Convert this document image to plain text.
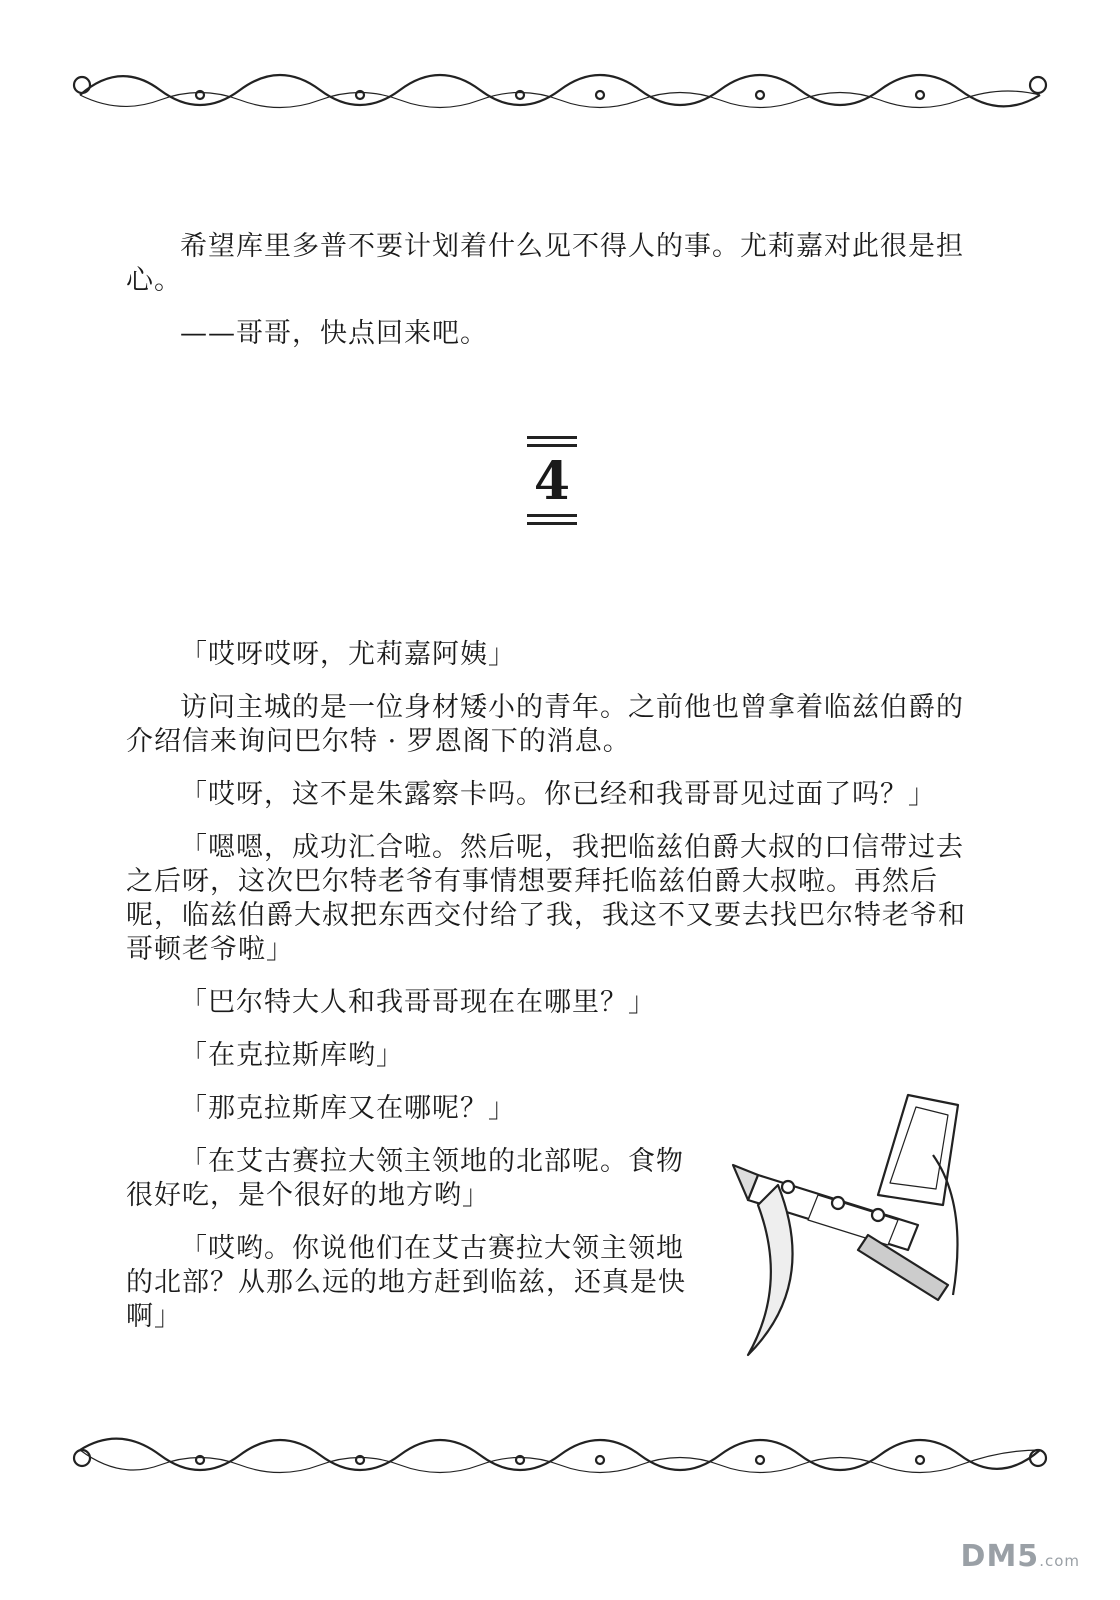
希望库里多普不要计划着什么见不得人的事。尤莉嘉对此很是担心。

——哥哥，快点回来吧。

4

「哎呀哎呀，尤莉嘉阿姨」

访问主城的是一位身材矮小的青年。之前他也曾拿着临兹伯爵的介绍信来询问巴尔特 · 罗恩阁下的消息。

「哎呀，这不是朱露察卡吗。你已经和我哥哥见过面了吗？」

「嗯嗯，成功汇合啦。然后呢，我把临兹伯爵大叔的口信带过去之后呀，这次巴尔特老爷有事情想要拜托临兹伯爵大叔啦。再然后呢，临兹伯爵大叔把东西交付给了我，我这不又要去找巴尔特老爷和哥顿老爷啦」

「巴尔特大人和我哥哥现在在哪里？」

「在克拉斯库哟」

「那克拉斯库又在哪呢？」

「在艾古赛拉大领主领地的北部呢。食物很好吃，是个很好的地方哟」

「哎哟。你说他们在艾古赛拉大领主领地的北部？从那么远的地方赶到临兹，还真是快啊」

DM5.com
